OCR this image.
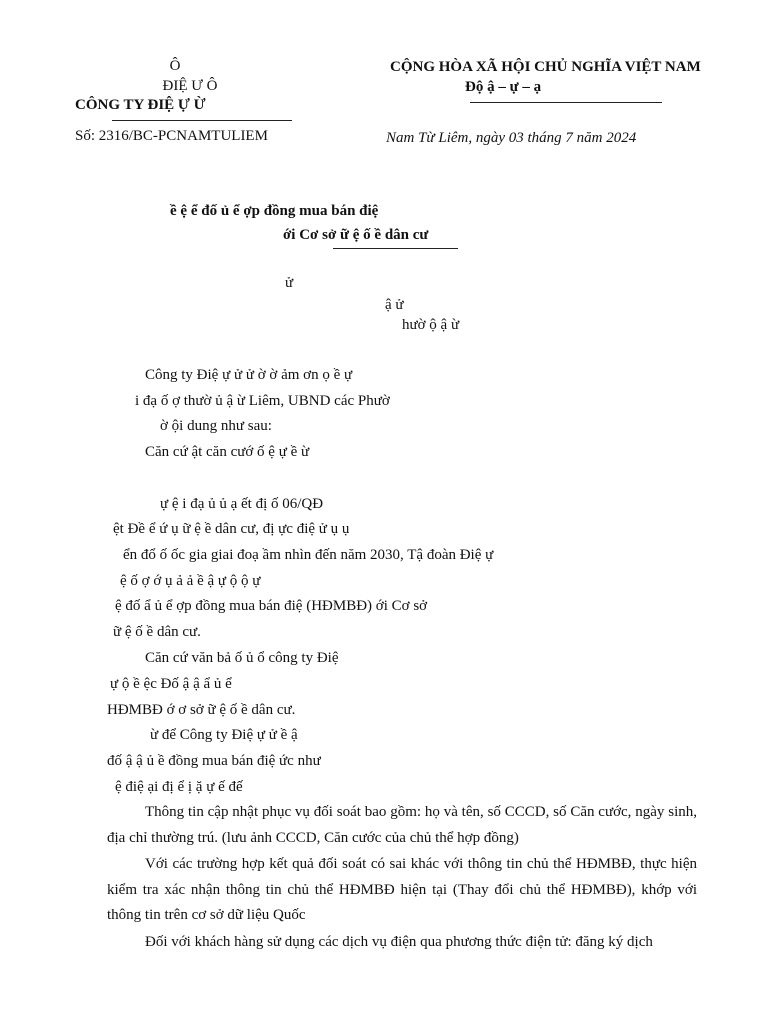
Ô
ĐIỆ Ư Ô
CÔNG TY ĐIỆ Ự Ừ
Số: 2316/BC-PCNAMTULIEM
CỘNG HÒA XÃ HỘI CHỦ NGHĨA VIỆT NAM
Độ ậ – ự – ạ
Nam Từ Liêm, ngày 03 tháng 7 năm 2024
ề ệ ể đố ủ ể ợp đồng mua bán điệ
ới Cơ sở ữ ệ ố ề dân cư
ử
ậ ử
hườ ộ ậ ừ
Công ty Điệ ự ử ử ờ ờ ảm ơn ọ ề ự
i đạ ố ợ thườ ủ ậ ừ Liêm, UBND các Phườ
ờ ội dung như sau:
Căn cứ ật căn cướ ố ệ ự ề ừ
ự ệ i đạ ủ ủ ạ ết đị ố 06/QĐ
ệt Đề ể ứ ụ ữ ệ ề dân cư, đị ực điệ ử ụ ụ
ển đổ ố ốc gia giai đoạ ầm nhìn đến năm 2030, Tậ đoàn Điệ ự
ệ ố ợ ớ ụ ả ả ề ậ ự ộ ộ ự
ệ đố ẩ ủ ể ợp đồng mua bán điệ (HĐMBĐ) ới Cơ sở
ữ ệ ố ề dân cư.
Căn cứ văn bả ố ủ ổ công ty Điệ
ự ộ ề ệc Đố ậ ậ ẩ ủ ể
HĐMBĐ ớ ơ sở ữ ệ ố ề dân cư.
ừ để Công ty Điệ ự ử ề ậ
đố ậ ậ ủ ề đồng mua bán điệ ức như
ệ điệ ại đị ể ị ặ ự ế đế
Thông tin cập nhật phục vụ đối soát bao gồm: họ và tên, số CCCD, số Căn cước, ngày sinh, địa chỉ thường trú. (lưu ảnh CCCD, Căn cước của chủ thể hợp đồng)
Với các trường hợp kết quả đối soát có sai khác với thông tin chủ thể HĐMBĐ, thực hiện kiểm tra xác nhận thông tin chủ thể HĐMBĐ hiện tại (Thay đổi chủ thể HĐMBĐ), khớp với thông tin trên cơ sở dữ liệu Quốc
Đối với khách hàng sử dụng các dịch vụ điện qua phương thức điện tử: đăng ký dịch
